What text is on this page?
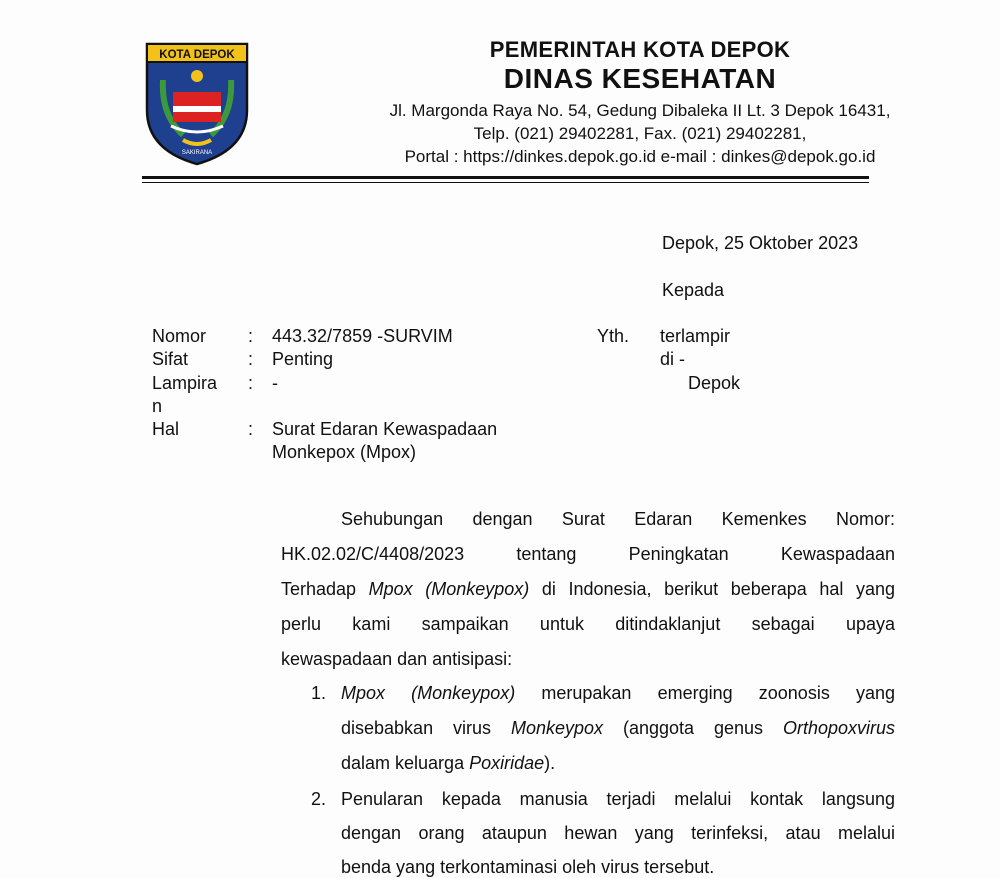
KOTA DEPOK
SAKIRANA
PEMERINTAH KOTA DEPOK
DINAS KESEHATAN
Jl. Margonda Raya No. 54, Gedung Dibaleka II Lt. 3 Depok 16431,
Telp. (021) 29402281, Fax. (021) 29402281,
Portal : https://dinkes.depok.go.id e-mail : dinkes@depok.go.id
Depok, 25 Oktober 2023
Kepada
Nomor : 443.32/7859 -SURVIM
Sifat	: Penting
Lampira
n
: -
Hal	: Surat Edaran Kewaspadaan
Monkepox (Mpox)
Yth. terlampir
di -
Depok
Sehubungan dengan Surat Edaran Kemenkes Nomor:
HK.02.02/C/4408/2023 tentang Peningkatan Kewaspadaan
Terhadap Mpox (Monkeypox) di Indonesia, berikut beberapa hal yang
perlu kami sampaikan untuk ditindaklanjut sebagai upaya
kewaspadaan dan antisipasi:
1. Mpox (Monkeypox) merupakan emerging zoonosis yang
disebabkan virus Monkeypox (anggota genus Orthopoxvirus
dalam keluarga Poxiridae).
2. Penularan kepada manusia terjadi melalui kontak langsung
dengan orang ataupun hewan yang terinfeksi, atau melalui
benda yang terkontaminasi oleh virus tersebut.
